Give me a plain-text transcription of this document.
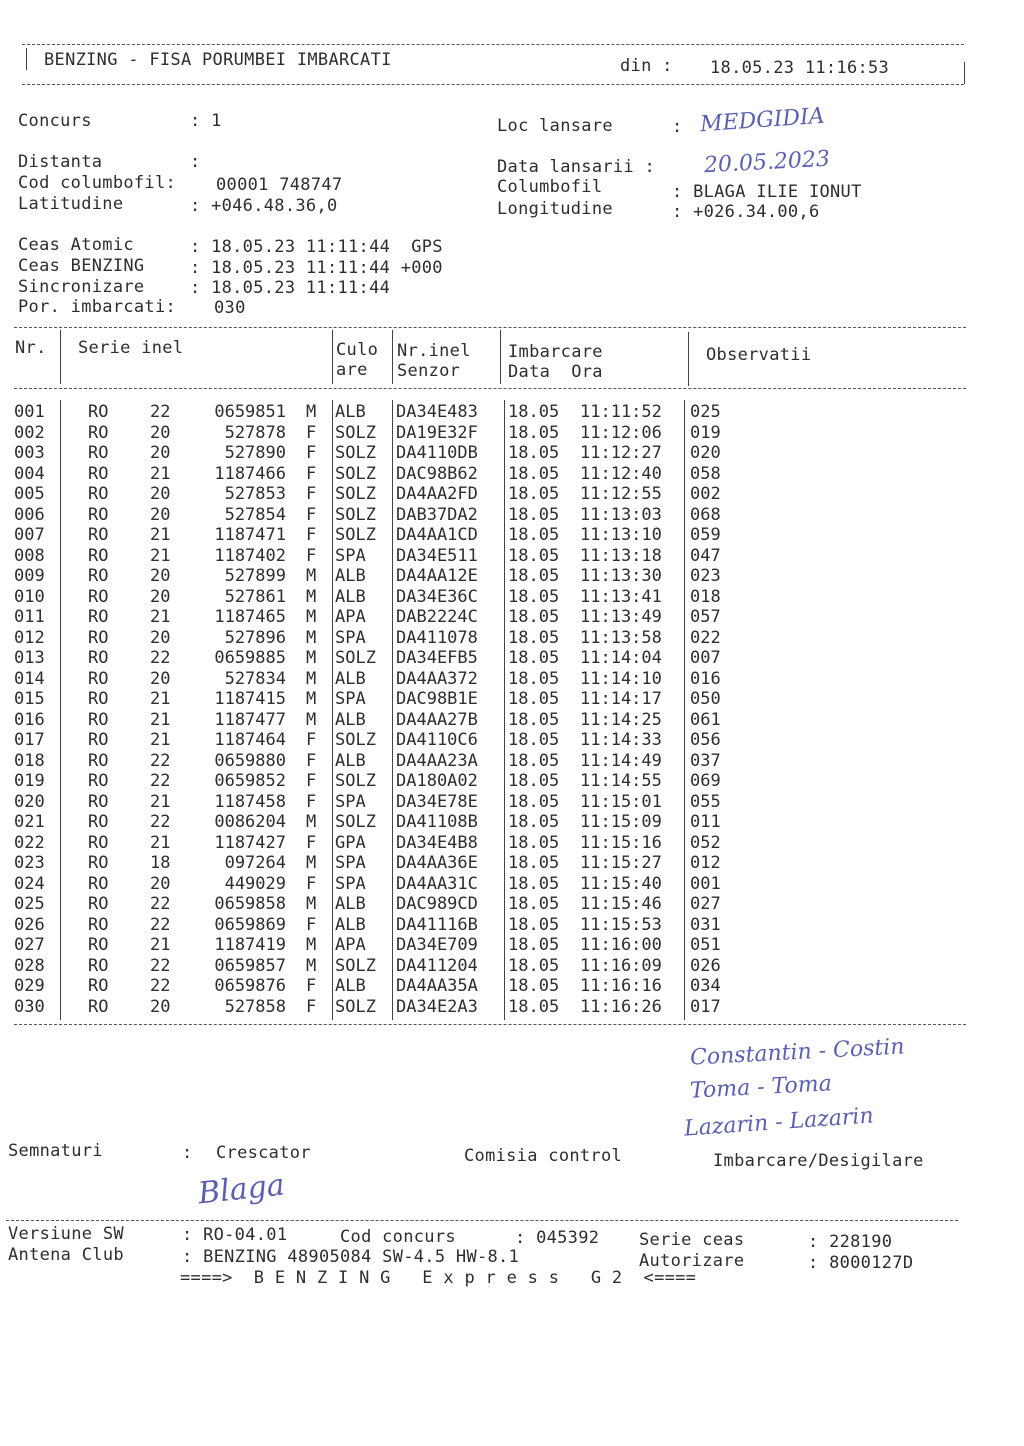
BENZING - FISA PORUMBEI IMBARCATI	din : 18.05.23 11:16:53
Concurs	: 1	Loc lansare	: MEDGIDIA
Distanta	:	Data lansarii : 20.05.2023
Cod columbofil: 00001 748747	Columbofil	: BLAGA ILIE IONUT
Latitudine	: +046.48.36,0	Longitudine	: +026.34.00,6
Ceas Atomic	: 18.05.23 11:11:44  GPS
Ceas BENZING	: 18.05.23 11:11:44 +000
Sincronizare	: 18.05.23 11:11:44
Por. imbarcati: 030
Nr. Serie inel	Culo
are
Nr.inel
Senzor
Imbarcare
Data  Ora
Observatii
001	RO 22	0659851 M ALB DA34E483 18.05 11:11:52 025
002	RO 20	527878 F SOLZ DA19E32F 18.05 11:12:06 019
003	RO 20	527890 F SOLZ DA4110DB 18.05 11:12:27 020
004	RO 21	1187466 F SOLZ DAC98B62 18.05 11:12:40 058
005	RO 20	527853 F SOLZ DA4AA2FD 18.05 11:12:55 002
006	RO 20	527854 F SOLZ DAB37DA2 18.05 11:13:03 068
007	RO 21	1187471 F SOLZ DA4AA1CD 18.05 11:13:10 059
008	RO 21	1187402 F SPA DA34E511 18.05 11:13:18 047
009	RO 20	527899 M ALB DA4AA12E 18.05 11:13:30 023
010	RO 20	527861 M ALB DA34E36C 18.05 11:13:41 018
011	RO 21	1187465 M APA DAB2224C 18.05 11:13:49 057
012	RO 20	527896 M SPA DA411078 18.05 11:13:58 022
013	RO 22	0659885 M SOLZ DA34EFB5 18.05 11:14:04 007
014	RO 20	527834 M ALB DA4AA372 18.05 11:14:10 016
015	RO 21	1187415 M SPA DAC98B1E 18.05 11:14:17 050
016	RO 21	1187477 M ALB DA4AA27B 18.05 11:14:25 061
017	RO 21	1187464 F SOLZ DA4110C6 18.05 11:14:33 056
018	RO 22	0659880 F ALB DA4AA23A 18.05 11:14:49 037
019	RO 22	0659852 F SOLZ DA180A02 18.05 11:14:55 069
020	RO 21	1187458 F SPA DA34E78E 18.05 11:15:01 055
021	RO 22	0086204 M SOLZ DA41108B 18.05 11:15:09 011
022	RO 21	1187427 F GPA DA34E4B8 18.05 11:15:16 052
023	RO 18	097264 M SPA DA4AA36E 18.05 11:15:27 012
024	RO 20	449029 F SPA DA4AA31C 18.05 11:15:40 001
025	RO 22	0659858 M ALB DAC989CD 18.05 11:15:46 027
026	RO 22	0659869 F ALB DA41116B 18.05 11:15:53 031
027	RO 21	1187419 M APA DA34E709 18.05 11:16:00 051
028	RO 22	0659857 M SOLZ DA411204 18.05 11:16:09 026
029	RO 22	0659876 F ALB DA4AA35A 18.05 11:16:16 034
030	RO 20	527858 F SOLZ DA34E2A3 18.05 11:16:26 017
Constantin - Costin
Toma - Toma
Lazarin - Lazarin
Semnaturi	: Crescator	Comisia control	Imbarcare/Desigilare
Blaga
Versiune SW	: RO-04.01	Cod concurs	: 045392 Serie ceas	: 228190
Antena Club	: BENZING 48905084 SW-4.5 HW-8.1	Autorizare	: 8000127D
====>  B E N Z I N G   E x p r e s s   G 2  <====
